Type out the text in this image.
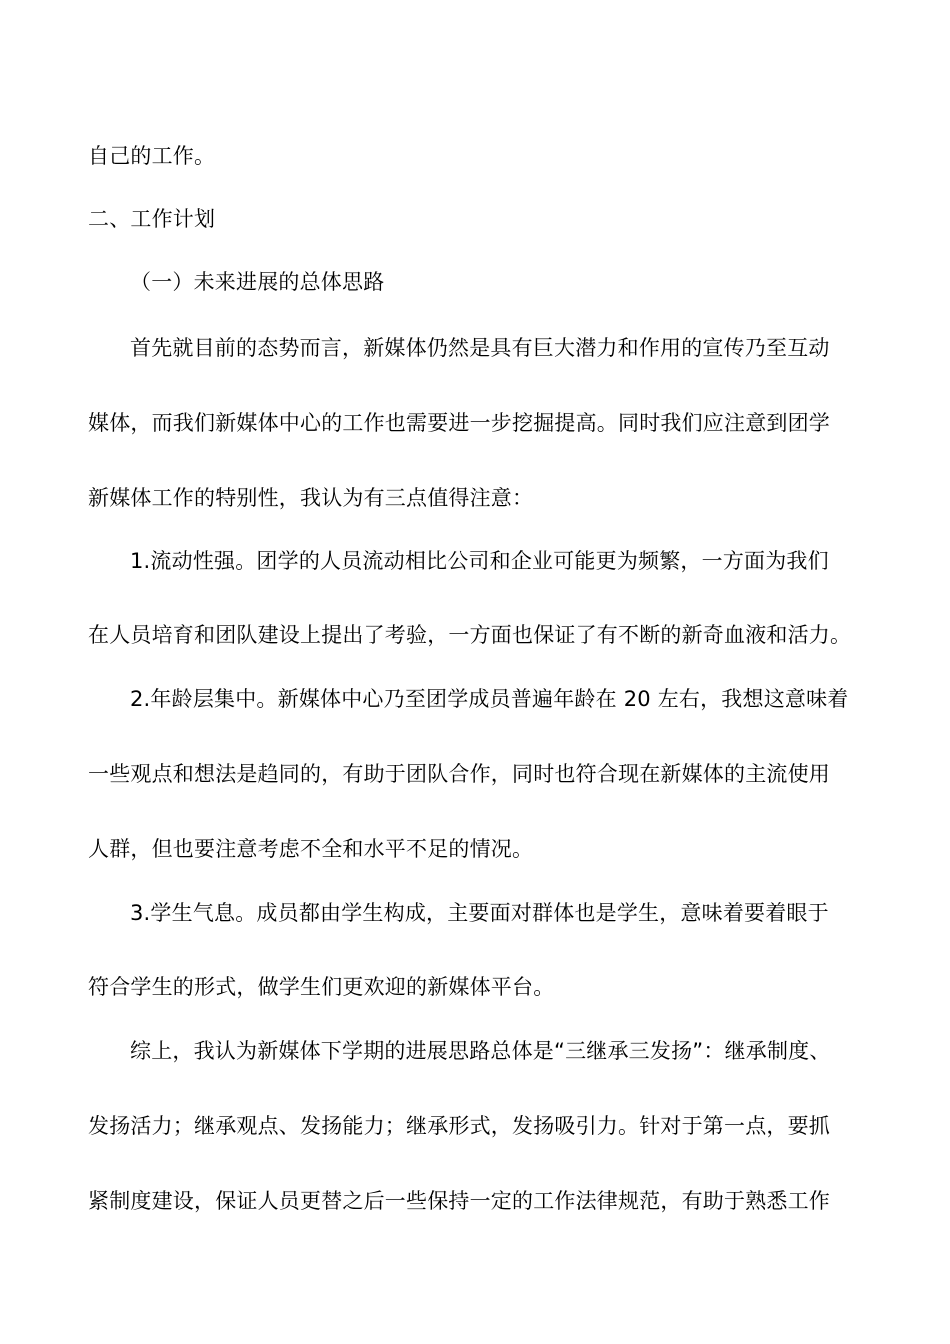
自己的工作。
二、工作计划
（一）未来进展的总体思路
首先就目前的态势而言，新媒体仍然是具有巨大潜力和作用的宣传乃至互动
媒体，而我们新媒体中心的工作也需要进一步挖掘提高。同时我们应注意到团学
新媒体工作的特别性，我认为有三点值得注意：
1.流动性强。团学的人员流动相比公司和企业可能更为频繁，一方面为我们
在人员培育和团队建设上提出了考验，一方面也保证了有不断的新奇血液和活力。
2.年龄层集中。新媒体中心乃至团学成员普遍年龄在 20 左右，我想这意味着
一些观点和想法是趋同的，有助于团队合作，同时也符合现在新媒体的主流使用
人群，但也要注意考虑不全和水平不足的情况。
3.学生气息。成员都由学生构成，主要面对群体也是学生，意味着要着眼于
符合学生的形式，做学生们更欢迎的新媒体平台。
综上，我认为新媒体下学期的进展思路总体是“三继承三发扬”：继承制度、
发扬活力；继承观点、发扬能力；继承形式，发扬吸引力。针对于第一点，要抓
紧制度建设，保证人员更替之后一些保持一定的工作法律规范，有助于熟悉工作
